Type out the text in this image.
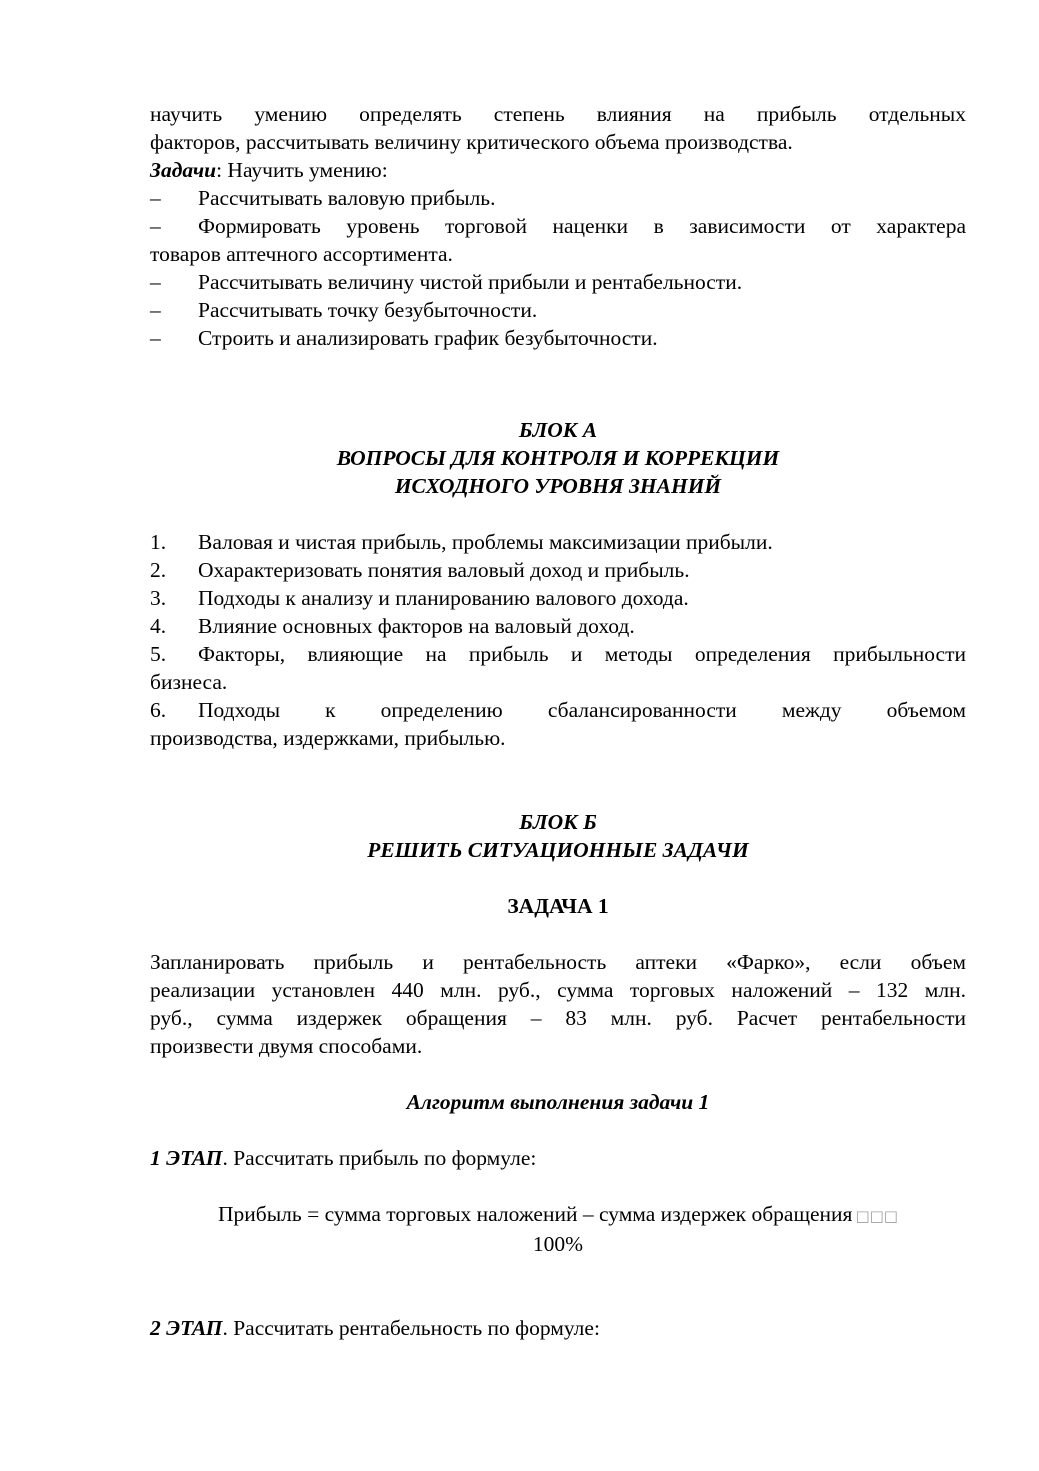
научить умению определять степень влияния на прибыль отдельных

факторов, рассчитывать величину критического объема производства.

Задачи: Научить умению:

–	Рассчитывать валовую прибыль.

– Формировать уровень торговой наценки в зависимости от характера

товаров аптечного ассортимента.

–	Рассчитывать величину чистой прибыли и рентабельности.
–	Рассчитывать точку безубыточности.
–	Строить и анализировать график безубыточности.

БЛОК А

ВОПРОСЫ ДЛЯ КОНТРОЛЯ И КОРРЕКЦИИ

ИСХОДНОГО УРОВНЯ ЗНАНИЙ

1.	Валовая и чистая прибыль, проблемы максимизации прибыли.
2.	Охарактеризовать понятия валовый доход и прибыль.
3.	Подходы к анализу и планированию валового дохода.
4.	Влияние основных факторов на валовый доход.

5. Факторы, влияющие на прибыль и методы определения прибыльности

бизнеса.

6. Подходы к определению сбалансированности между объемом

производства, издержками, прибылью.

БЛОК Б

РЕШИТЬ СИТУАЦИОННЫЕ ЗАДАЧИ

ЗАДАЧА 1

Запланировать прибыль и рентабельность аптеки «Фарко», если объем

реализации установлен 440 млн. руб., сумма торговых наложений – 132 млн.

руб., сумма издержек обращения – 83 млн. руб. Расчет рентабельности

произвести двумя способами.

Алгоритм выполнения задачи 1

1 ЭТАП. Рассчитать прибыль по формуле:

Прибыль = сумма торговых наложений – сумма издержек обращения □□□

100%

2 ЭТАП. Рассчитать рентабельность по формуле:
